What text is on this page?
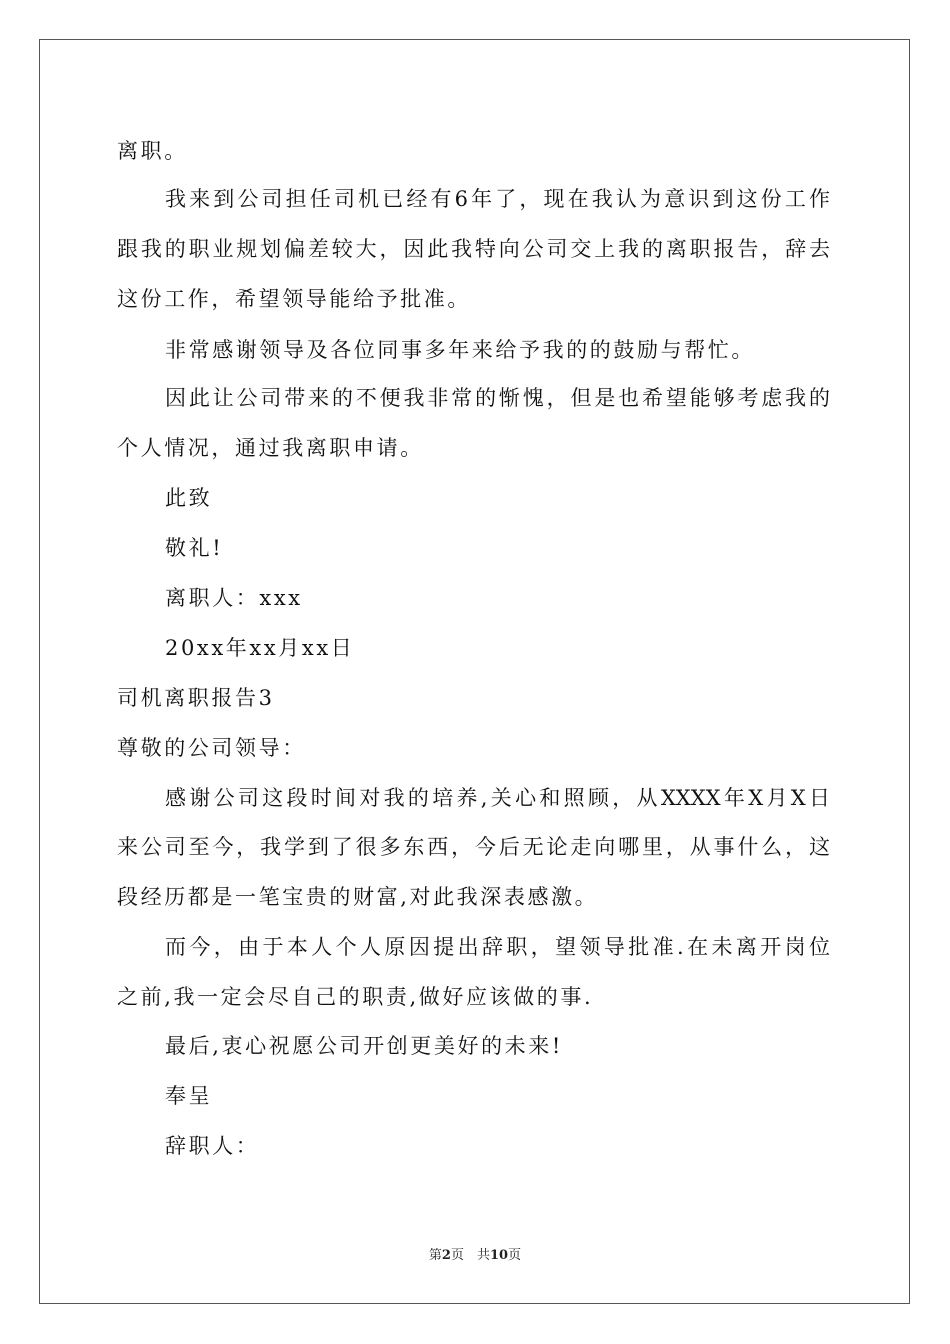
离职。
我来到公司担任司机已经有6年了，现在我认为意识到这份工作
跟我的职业规划偏差较大，因此我特向公司交上我的离职报告，辞去
这份工作，希望领导能给予批准。
非常感谢领导及各位同事多年来给予我的的鼓励与帮忙。
因此让公司带来的不便我非常的惭愧，但是也希望能够考虑我的
个人情况，通过我离职申请。
此致
敬礼!
离职人：xxx
20xx年xx月xx日
司机离职报告3
尊敬的公司领导：
感谢公司这段时间对我的培养,关心和照顾，从XXXX年X月X日
来公司至今，我学到了很多东西，今后无论走向哪里，从事什么，这
段经历都是一笔宝贵的财富,对此我深表感激。
而今，由于本人个人原因提出辞职，望领导批准.在未离开岗位
之前,我一定会尽自己的职责,做好应该做的事.
最后,衷心祝愿公司开创更美好的未来!
奉呈
辞职人：
第2页　共10页
